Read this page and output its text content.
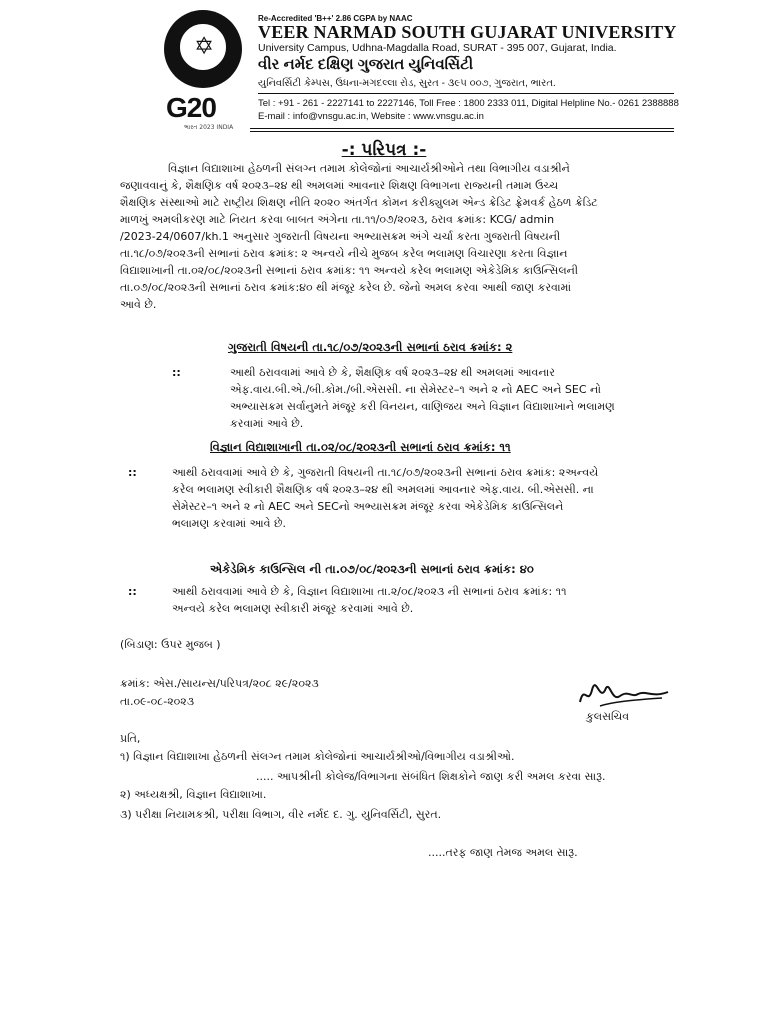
✡
G20
ભારત 2023 INDIA
Re-Accredited 'B++' 2.86 CGPA by NAAC
VEER NARMAD SOUTH GUJARAT UNIVERSITY
University Campus, Udhna-Magdalla Road, SURAT - 395 007, Gujarat, India.
વીર નર્મદ દક્ષિણ ગુજરાત યુનિવર્સિટી
યુનિવર્સિટી કેમ્પસ, ઉધના-મગદલ્લા રોડ, સુરત - ૩૯૫ ૦૦૭, ગુજરાત, ભારત.
Tel : +91 - 261 - 2227141 to 2227146, Toll Free : 1800 2333 011, Digital Helpline No.- 0261 2388888
E-mail : info@vnsgu.ac.in, Website : www.vnsgu.ac.in
-: પરિપત્ર :-
વિજ્ઞાન વિદ્યાશાખા હેઠળની સંલગ્ન તમામ કોલેજોનાં આચાર્યશ્રીઓને તથા વિભાગીય વડાશ્રીને
જણાવવાનું કે, શૈક્ષણિક વર્ષ ૨૦૨૩–૨૪ થી અમલમાં આવનાર શિક્ષણ વિભાગના રાજ્યની તમામ ઉચ્ચ
શૈક્ષણિક સંસ્થાઓ માટે રાષ્ટ્રીય શિક્ષણ નીતિ ૨૦૨૦ અંતર્ગત કોમન કરીક્યુલમ એન્ડ ક્રેડિટ ફ્રેમવર્ક હેઠળ ક્રેડિટ
માળખું અમલીકરણ માટે નિયત કરવા બાબત અંગેના તા.૧૧/૦૭/૨૦૨૩, ઠરાવ ક્રમાંક: KCG/ admin
/2023-24/0607/kh.1 અનુસાર ગુજરાતી વિષયના અભ્યાસક્રમ અંગે ચર્ચા કરતા ગુજરાતી વિષયની
તા.૧૮/૦૭/૨૦૨૩ની સભાનાં ઠરાવ ક્રમાંક: ૨ અન્વયે નીચે મુજબ કરેલ ભલામણ વિચારણા કરતા વિજ્ઞાન
વિદ્યાશાખાની તા.૦૨/૦૮/૨૦૨૩ની સભાનાં ઠરાવ ક્રમાંક: ૧૧ અન્વયે કરેલ ભલામણ એકેડેમિક કાઉન્સિલની
તા.૦૭/૦૮/૨૦૨૩ની સભાનાં ઠરાવ ક્રમાંક:૪૦ થી મંજૂર કરેલ છે. જેનો અમલ કરવા આથી જાણ કરવામાં
આવે છે.
ગુજરાતી વિષયની તા.૧૮/૦૭/૨૦૨૩ની સભાનાં ઠરાવ ક્રમાંક: ૨
::	આથી ઠરાવવામાં આવે છે કે, શૈક્ષણિક વર્ષ ૨૦૨૩–૨૪ થી અમલમાં આવનાર
એફ.વાય.બી.એ./બી.કોમ./બી.એસસી. ના સેમેસ્ટર–૧ અને ૨ નો AEC અને SEC નો
અભ્યાસક્રમ સર્વાનુમતે મંજૂર કરી વિનયન, વાણિજય અને વિજ્ઞાન વિદ્યાશાખાને ભલામણ
કરવામાં આવે છે.
વિજ્ઞાન વિદ્યાશાખાની તા.૦૨/૦૮/૨૦૨૩ની સભાનાં ઠરાવ ક્રમાંક: ૧૧
::	આથી ઠરાવવામાં આવે છે કે, ગુજરાતી વિષયની તા.૧૮/૦૭/૨૦૨૩ની સભાનાં ઠરાવ ક્રમાંક: ૨અન્વયે
કરેલ ભલામણ સ્વીકારી શૈક્ષણિક વર્ષ ૨૦૨૩–૨૪ થી અમલમાં આવનાર એફ.વાય. બી.એસસી. ના
સેમેસ્ટર–૧ અને ૨ નો AEC અને SECનો અભ્યાસક્રમ મંજૂર કરવા એકેડેમિક કાઉન્સિલને
ભલામણ કરવામાં આવે છે.
એકેડેમિક કાઉન્સિલ ની તા.૦૭/૦૮/૨૦૨૩ની સભાનાં ઠરાવ ક્રમાંક: ૪૦
::	આથી ઠરાવવામાં આવે છે કે, વિજ્ઞાન વિદ્યાશાખા તા.૨/૦૮/૨૦૨૩ ની સભાનાં ઠરાવ ક્રમાંક: ૧૧
અન્વયે કરેલ ભલામણ સ્વીકારી મંજૂર કરવામાં આવે છે.
(બિડાણ: ઉપર મુજબ )
ક્રમાંક: એસ./સાયન્સ/પરિપત્ર/૨૦૮ ૨૯/૨૦૨૩
તા.૦૯-૦૮-૨૦૨૩
કુલસચિવ
પ્રતિ,
૧) વિજ્ઞાન વિદ્યાશાખા હેઠળની સંલગ્ન તમામ કોલેજોનાં આચાર્યશ્રીઓ/વિભાગીય વડાશ્રીઓ.
..... આપશ્રીની કોલેજ/વિભાગના સંબંધિત શિક્ષકોને જાણ કરી અમલ કરવા સારૂ.
૨) અધ્યક્ષશ્રી, વિજ્ઞાન વિદ્યાશાખા.
૩) પરીક્ષા નિયામકશ્રી, પરીક્ષા વિભાગ, વીર નર્મદ દ. ગુ. યુનિવર્સિટી, સુરત.
.....તરફ જાણ તેમજ અમલ સારૂ.
